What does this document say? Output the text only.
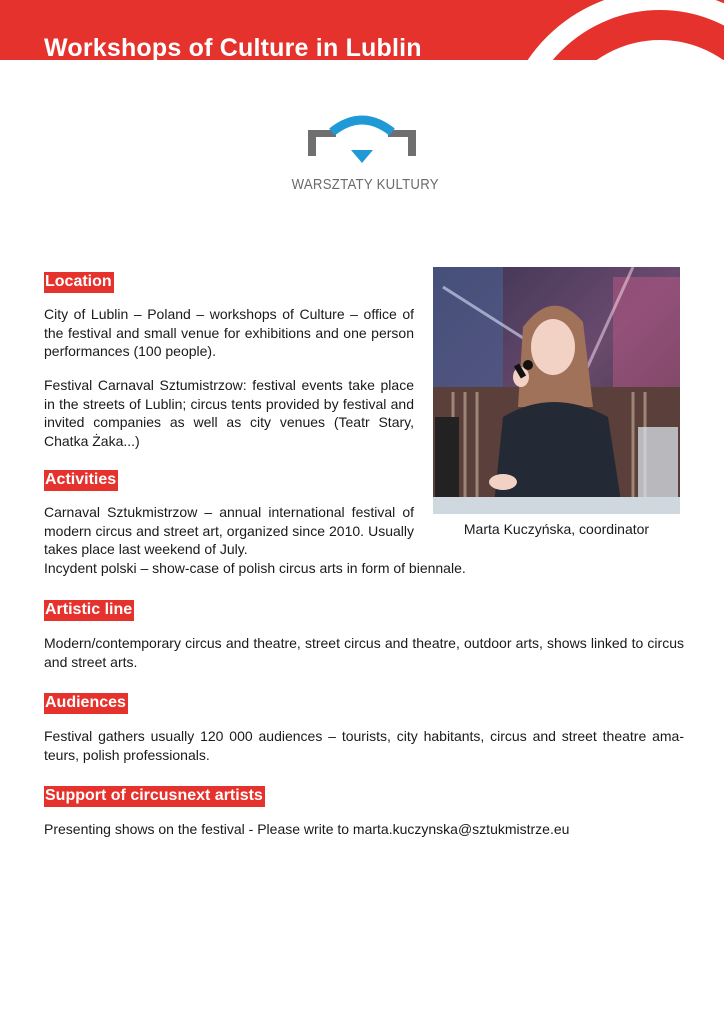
Workshops of Culture in Lublin
WARSZTATY KULTURY
Location
City of Lublin – Poland – workshops of Culture – office of the festival and small venue for exhibitions and one person performances (100 people).
Festival Carnaval Sztumistrzow: festival events take place in the streets of Lublin; circus tents provided by festival and invited companies as well as city venues (Teatr Stary, Chatka Żaka...)
Activities
Carnaval Sztukmistrzow – annual international festival of modern circus and street art, organized since 2010. Usually takes place last weekend of July.
Incydent polski – show-case of polish circus arts in form of biennale.
Marta Kuczyńska, coordinator
Artistic line
Modern/contemporary circus and theatre, street circus and theatre, outdoor arts, shows linked to circus and street arts.
Audiences
Festival gathers usually 120 000 audiences – tourists, city habitants, circus and street theatre ama-teurs, polish professionals.
Support of circusnext artists
Presenting shows on the festival - Please write to marta.kuczynska@sztukmistrze.eu
